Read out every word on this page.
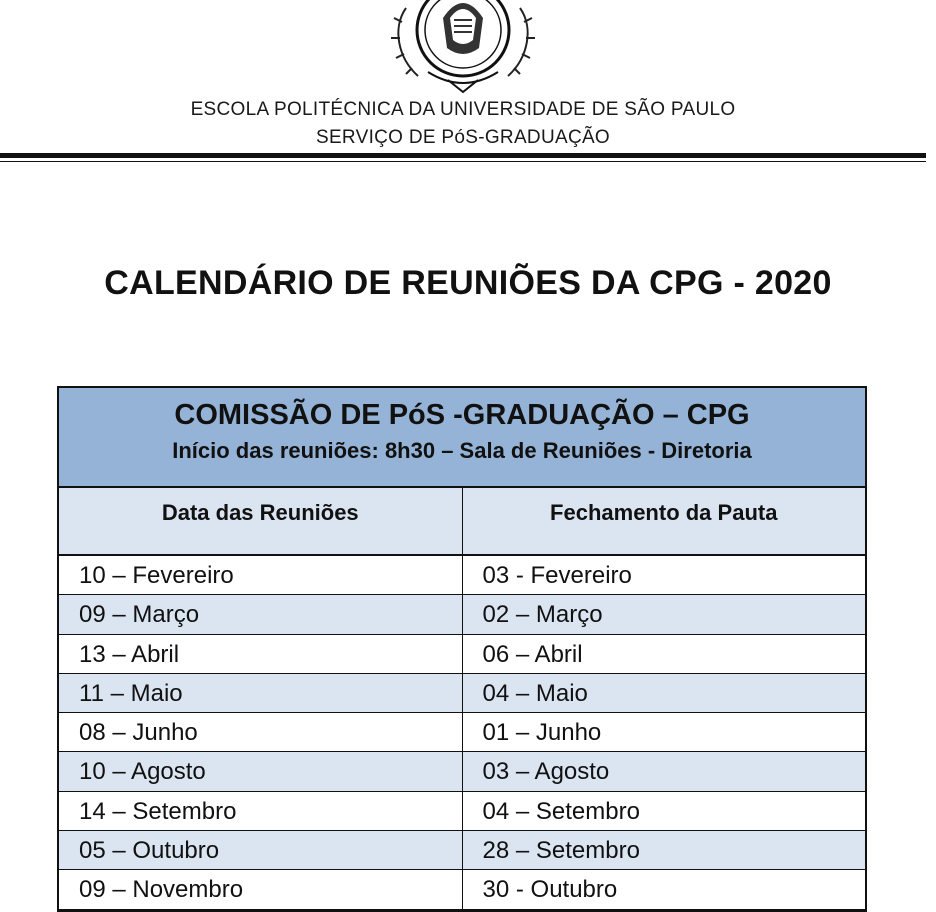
ESCOLA POLITÉCNICA DA UNIVERSIDADE DE SÃO PAULO
SERVIÇO DE PóS-GRADUAÇÃO
CALENDÁRIO DE REUNIÕES DA CPG - 2020
COMISSÃO DE PóS -GRADUAÇÃO – CPG
Início das reuniões: 8h30 – Sala de Reuniões - Diretoria
Data das Reuniões	Fechamento da Pauta
10 – Fevereiro	03 - Fevereiro
09 – Março	02 – Março
13 – Abril	06 – Abril
11 – Maio	04 – Maio
08 – Junho	01 – Junho
10 – Agosto	03 – Agosto
14 – Setembro	04 – Setembro
05 – Outubro	28 – Setembro
09 – Novembro	30 - Outubro
